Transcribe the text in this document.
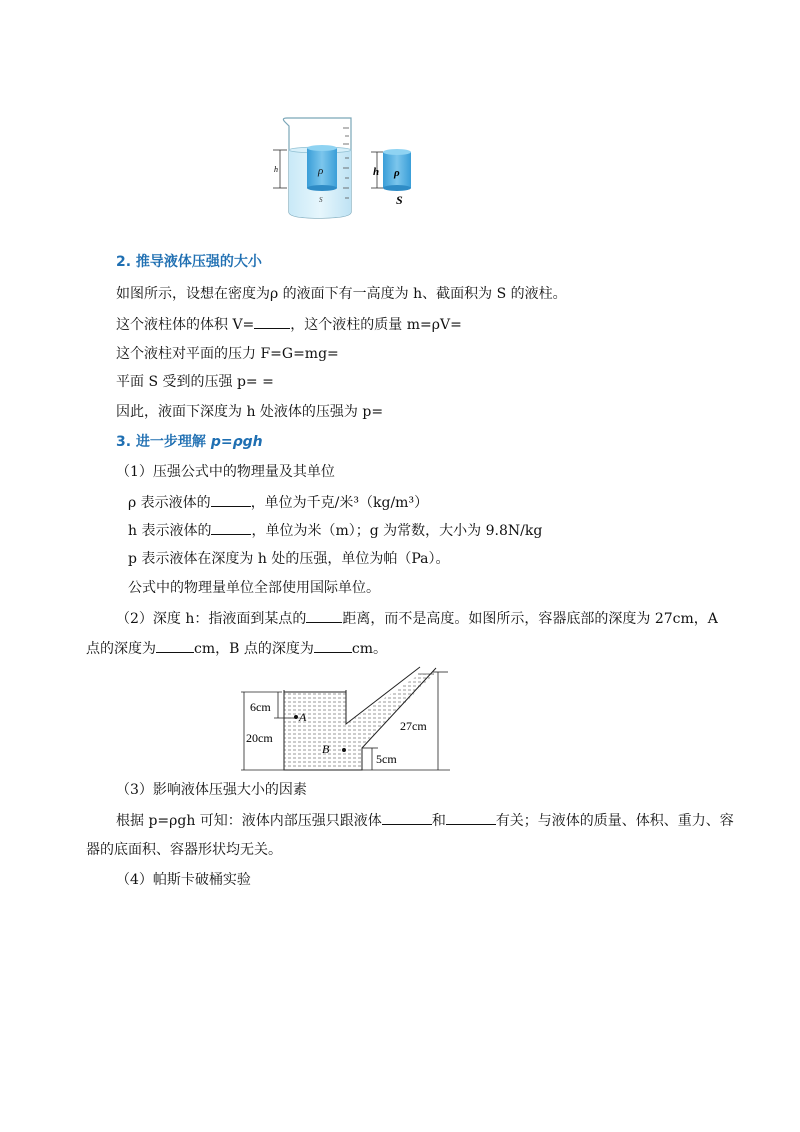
ρ
S
h	h ρ
S
2. 推导液体压强的大小
如图所示，设想在密度为ρ 的液面下有一高度为 h、截面积为 S 的液柱。
这个液柱体的体积 V=	，这个液柱的质量 m=ρV=
这个液柱对平面的压力 F=G=mg=
平面 S 受到的压强 p= =
因此，液面下深度为 h 处液体的压强为 p=
3. 进一步理解 p=ρgh
（1）压强公式中的物理量及其单位
ρ 表示液体的	，单位为千克/米³（kg/m³）
h 表示液体的	，单位为米（m）；g 为常数，大小为 9.8N/kg
p 表示液体在深度为 h 处的压强，单位为帕（Pa）。
公式中的物理量单位全部使用国际单位。
（2）深度 h：指液面到某点的	距离，而不是高度。如图所示，容器底部的深度为 27cm，A
点的深度为	cm，B 点的深度为	cm。
6cm
20cm
A
B
27cm
5cm
（3）影响液体压强大小的因素
根据 p=ρgh 可知：液体内部压强只跟液体	和	有关；与液体的质量、体积、重力、容
器的底面积、容器形状均无关。
（4）帕斯卡破桶实验
